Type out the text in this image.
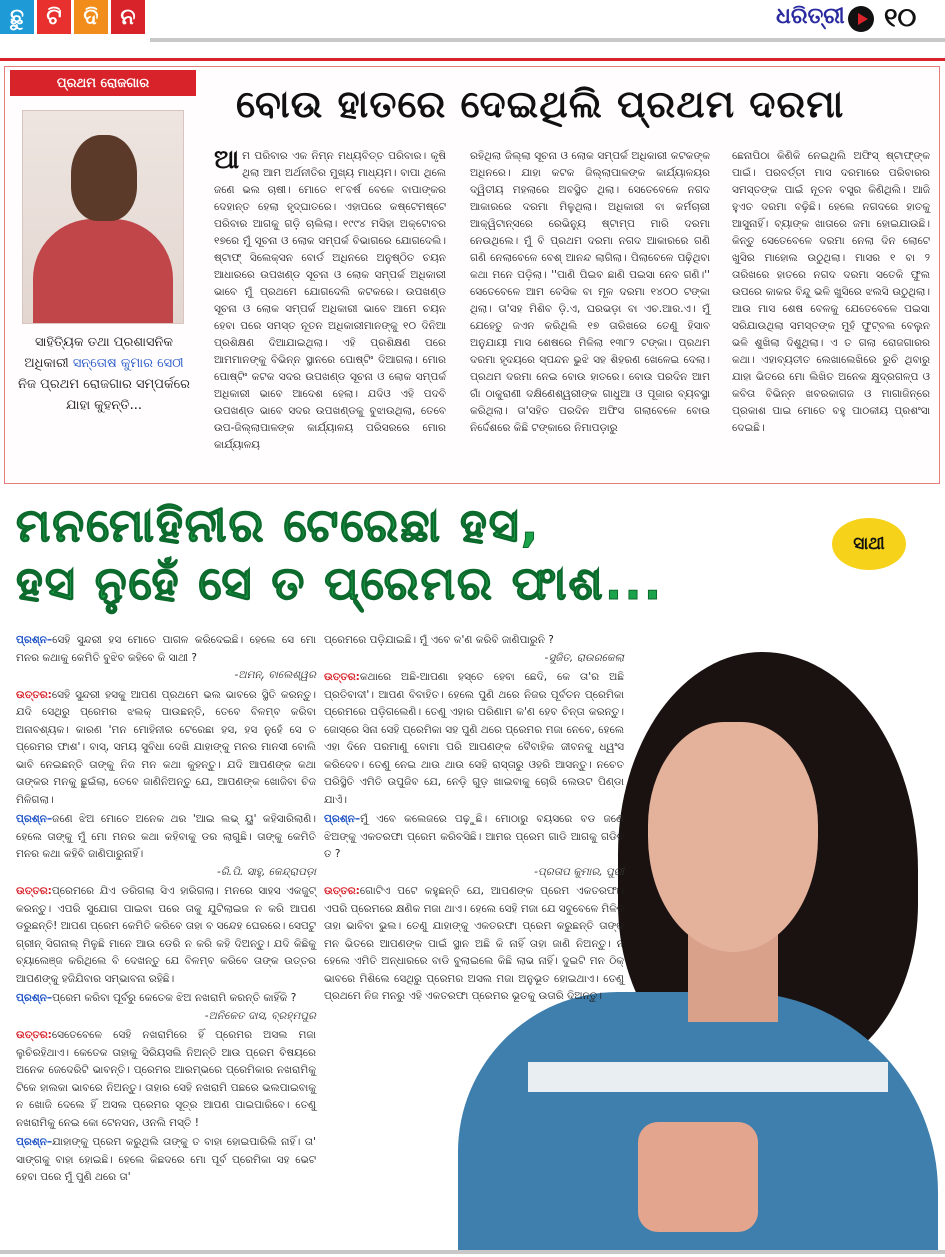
ଛୁ	ଟି ଦି ନ	ଧରିତ୍ରୀ ୧୦
ପ୍ରଥମ ରୋଜଗାର
ସାହିତ୍ୟିକ ତଥା ପ୍ରଶାସନିକ ଅଧିକାରୀ ସନ୍ତୋଷ କୁମାର ସେଠୀ ନିଜ ପ୍ରଥମ ରୋଜଗାର ସମ୍ପର୍କରେ ଯାହା କୁହନ୍ତି...
ବୋଉ ହାତରେ ଦେଇଥିଲି ପ୍ରଥମ ଦରମା
ଆମ ପରିବାର ଏକ ନିମ୍ନ ମଧ୍ୟବିତ୍ତ ପରିବାର। କୃଷି ଥିଲା ଆମ ଅର୍ଥନୀତିର ମୁଖ୍ୟ ମାଧ୍ୟମ। ବାପା ଥିଲେ ଜଣେ ଭଲ ଚାଷୀ। ମୋତେ ୧୮ବର୍ଷ ବେଳେ ବାପାଙ୍କର ଦେହାନ୍ତ ହେଲା ହୃଦ୍‌ଘାତରେ। ଏହାପରେ କଷ୍ଟେମଷ୍ଟେ ପରିବାର ଆଗକୁ ଗଡ଼ି ଚାଲିଲା। ୧୯୯୪ ମସିହା ଅକ୍ଟୋବର ୧୭ରେ ମୁଁ ସୂଚନା ଓ ଲୋକ ସମ୍ପର୍କ ବିଭାଗରେ ଯୋଗଦେଲି। ଷ୍ଟାଫ୍ ସିଲେକ୍ସନ ବୋର୍ଡ ଅଧିନରେ ଅନୁଷ୍ଠିତ ଚୟନ ଆଧାରରେ ଉପଖଣ୍ଡ ସୂଚନା ଓ ଲୋକ ସମ୍ପର୍କ ଅଧିକାରୀ ଭାବେ ମୁଁ ପ୍ରଥମେ ଯୋଗଦେଲି କଟକରେ। ଉପଖଣ୍ଡ ସୂଚନା ଓ ଲୋକ ସମ୍ପର୍କ ଅଧିକାରୀ ଭାବେ ଆମେ ଚୟନ ହେବା ପରେ ସମସ୍ତ ନୂତନ ଅଧିକାରୀମାନଙ୍କୁ ୧୦ ଦିନିଆ ପ୍ରଶିକ୍ଷଣ ଦିଆଯାଇଥିଲା। ଏହି ପ୍ରଶିକ୍ଷଣ ପରେ ଆମମାନଙ୍କୁ ବିଭିନ୍ନ ସ୍ଥାନରେ ପୋଷ୍ଟିଂ ଦିଆଗଲା। ମୋର ପୋଷ୍ଟିଂ କଟକ ସଦର ଉପଖଣ୍ଡ ସୂଚନା ଓ ଲୋକ ସମ୍ପର୍କ ଅଧିକାରୀ ଭାବେ ଆଦେଶ ହେଲା। ଯଦିଓ ଏହି ପଦବି ଉପଖଣ୍ଡ ଭାବେ ସଦର ଉପଖଣ୍ଡକୁ ବୁଝାଉଥିଲା, ତେବେ ଉପ-ଜିଲ୍ଲାପାଳଙ୍କ କାର୍ଯ୍ୟାଳୟ ପରିସରରେ ମୋର କାର୍ଯ୍ୟାଳୟ
ରହିଥିଲା ଜିଲ୍ଲା ସୂଚନା ଓ ଲୋକ ସମ୍ପର୍କ ଅଧିକାରୀ କଟକଙ୍କ ଅଧିନରେ। ଯାହା କଟକ ଜିଲ୍ଲାପାଳଙ୍କ କାର୍ଯ୍ୟାଳୟର ଦ୍ୱିତୀୟ ମହଲାରେ ଅବସ୍ଥିତ ଥିଲା। ସେତେବେଳେ ନଗଦ ଆକାରରେ ଦରମା ମିଳୁଥିଲା। ଅଧିକାରୀ ବା କର୍ମଚାରୀ ଆକ୍ୱିଟାନ୍ସରେ ରେଭିନ୍ୟୁ ଷ୍ଟାମ୍ପ ମାରି ଦରମା ନେଉଥିଲେ। ମୁଁ ବି ପ୍ରଥମ ଦରମା ନଗଦ ଆକାରରେ ଗଣି ଗଣି ନେଲାବେଳେ ବେଶ୍ ଆନନ୍ଦ ଲାଗିଲା। ପିଲାବେଳେ ପଢ଼ିଥିବା କଥା ମନେ ପଡ଼ିଲା। ''ପାଣି ପିଇବ ଛାଣି ପଇସା ନେବ ଗଣି।'' ସେତେବେଳେ ଆମ ବେସିକ ବା ମୂଳ ଦରମା ୧୪୦୦ ଟଙ୍କା ଥିଲା। ତା'ସହ ମିଶିବ ଡ଼ି.ଏ, ଘରଭଡ଼ା ବା ଏଚ.ଆର.ଏ। ମୁଁ ଯେହେତୁ ଜଏନ କରିଥିଲି ୧୭ ତାରିଖରେ ତେଣୁ ହିସାବ ଅନୁଯାୟୀ ମାସ ଶେଷରେ ମିଳିଲା ୧୩୮୨ ଟଙ୍କା। ପ୍ରଥମ ଦରମା ହୃଦୟରେ ସ୍ପନ୍ଦନ ଭୁଝି ସହ ଶିହରଣ ଖେଳେଇ ଦେଲା। ପ୍ରଥମ ଦରମା ନେଇ ବୋଉ ହାତରେ। ବୋଉ ପରଦିନ ଆମ ଗାଁ ଠାକୁରାଣୀ ଦକ୍ଷିଣେଶ୍ୱରୀଙ୍କ ଗାଧୁଆ ଓ ପୂଜାର ବ୍ୟବସ୍ଥା କରିଥିଲା। ତା'ସହିତ ପରଦିନ ଅଫିସ ଗଲାବେଳେ ବୋଉ ନିର୍ଦ୍ଦେଶରେ କିଛି ଟଙ୍କାରେ ନିମାପଡ଼ାରୁ
ଛେନାପିଠା କିଣିକି ନେଇଥିଲି ଅଫିସ୍ ଷ୍ଟାଫ୍‌ଙ୍କ ପାଇଁ। ପରବର୍ତ୍ତୀ ମାସ ଦରମାରେ ପରିବାରର ସମସ୍ତଙ୍କ ପାଇଁ ନୂତନ ବସ୍ତ୍ର କିଣିଥିଲି। ଆଜି ହୁଏତ ଦରମା ବଢ଼ିଛି। ହେଲେ ନଗଦରେ ହାତକୁ ଆସୁନାହିଁ। ବ୍ୟାଙ୍କ ଖାତାରେ ଜମା ହୋଇଯାଉଛି। କିନ୍ତୁ ସେତେବେଳେ ଦରମା ନେଲା ଦିନ ଲୋଟେ ଖୁସିର ମାହୋଲ ଉଠୁଥିଲା। ମାସର ୧ ବା ୨ ତାରିଖରେ ହାତରେ ନଗଦ ଦରମା ସତେକି ଫୁଲ ଉପରେ କାକର ବିନ୍ଦୁ ଭଳି ଖୁସିରେ ଝଲସି ଉଠୁଥିଲା। ଆଉ ମାସ ଶେଷ ବେଳକୁ ଯେତେବେଳେ ପଇସା ସରିଯାଉଥିଲା ସମସ୍ତଙ୍କ ମୁହଁ ଫୁଟ୍‌ବଲ ବେଲୁନ ଭଳି ଶୁଖିଲା ଦିଶୁଥିଲା। ଏ ତ ଗଲା ରୋଜଗାରର କଥା। ଏହାବ୍ୟତୀତ ଲେଖାଲେଖିରେ ରୁଚି ଥିବାରୁ ଯାହା ଭିତରେ ମୋ ଲିଖିତ ଅନେକ କ୍ଷୁଦ୍ରଗଳ୍ପ ଓ କବିତା ବିଭିନ୍ନ ଖବରକାଗଜ ଓ ମାଗାଜିନ୍‌ରେ ପ୍ରକାଶ ପାଇ ମୋତେ ବହୁ ପାଠକୀୟ ପ୍ରଶଂସା ଦେଇଛି।
ମନମୋହିନୀର ଟେରେଛା ହସ,
ହସ ନୁହେଁ ସେ ତ ପ୍ରେମର ଫାଶ...
ସାଥୀ
ପ୍ରଶ୍ନ–ସେହି ସୁନ୍ଦରୀ ହସ ମୋତେ ପାଗଳ କରିଦେଇଛି। ହେଲେ ସେ ମୋ ମନର କଥାକୁ କେମିତି ବୁଝିବ କହିବେ କି ସାଥୀ ?
-ଅମନ୍, ବାଲେଶ୍ୱର
ଉତ୍ତର:ସେହି ସୁନ୍ଦରୀ ହସକୁ ଆପଣ ପ୍ରଥମେ ଭଲ ଭାବରେ ସ୍ଥିତି କରନ୍ତୁ। ଯଦି ସେଥିରୁ ପ୍ରେମର ଝଲକ୍ ପାଉଛନ୍ତି, ତେବେ ବିଳମ୍ବ କରିବା ଅନାବଶ୍ୟକ। କାରଣ 'ମନ ମୋହିନୀର ଟେରେଛା ହସ, ହସ ନୁହେଁ ସେ ତ ପ୍ରେମର ଫାଶ'। ବାସ୍, ସମୟ ସୁବିଧା ଦେଖି ଯାହାଙ୍କୁ ମନର ମାନସୀ ବୋଲି ଭାବି ନେଇଛନ୍ତି ତାଙ୍କୁ ନିଜ ମନ କଥା କୁହନ୍ତୁ। ଯଦି ଆପଣଙ୍କ କଥା ତାଙ୍କର ମନକୁ ଛୁଇଁଲା, ତେବେ ଜାଣିନିଅନ୍ତୁ ଯେ, ଆପଣଙ୍କ ଖୋଜିବା ଚିଜ ମିଳିଗଲା।
ପ୍ରଶ୍ନ–ଜଣେ ଝିଅ ମୋତେ ଅନେକ ଥର 'ଆଇ ଲଭ୍ ୟୁ' କହିସାରିଲାଣି। ହେଲେ ତାଙ୍କୁ ମୁଁ ମୋ ମନର କଥା କହିବାକୁ ଡର ଲାଗୁଛି। ତାଙ୍କୁ କେମିତି ମନର କଥା କହିବି ଜାଣିପାରୁନାହିଁ।
-ରି.ପି. ସାହୁ, କେନ୍ଦ୍ରାପଡ଼ା
ଉତ୍ତର:ପ୍ରେମରେ ଯିଏ ଡରିଗଲା ସିଏ ହାରିଗଲା। ମନରେ ସାହସ ଏକଜୁଟ୍ କରନ୍ତୁ। ଏପରି ସୁଯୋଗ ପାଇବା ପରେ ତାକୁ ଯୁଟିଲାଇଜ ନ କରି ଆପଣ ଡରୁଛନ୍ତି! ଆପଣ ପ୍ରେମ କେମିତି କରିବେ ତାହା ବ ସନ୍ଦେହ ଘେରରେ। ସେପଟୁ ଗ୍ରୀନ୍ ସିଗନାଲ୍ ମିଳୁଛି ମାନେ ଆଉ ଡେରି ନ କରି କହି ଦିଅନ୍ତୁ। ଯଦି କିଛିକୁ ଚ୍ୟାଲେଞ୍ଜ କରିଥିଲେ ବି ଦେଖନ୍ତୁ ଯେ ବିଳମ୍ବ କରିବେ ତାଙ୍କ ଉତ୍ତର ଆପଣଙ୍କୁ ହଜିଯିବାର ସମ୍ଭାବନା ରହିଛି।
ପ୍ରଶ୍ନ–ପ୍ରେମ କରିବା ପୂର୍ବରୁ କେତେକ ଝିଅ ନଖରାମି କରନ୍ତି କାହିଁକି ?
-ଅନିକେତ ଦାସ, ବ୍ରହ୍ମପୁର
ଉତ୍ତର:ସେତେବେଳେ ସେହି ନଖରାମିରେ ହିଁ ପ୍ରେମର ଅସଲ ମଜା ଲୁଚିରହିଥାଏ। କେତେକ ତାହାକୁ ସିରିୟସଲି ନିଅନ୍ତି ଆଉ ପ୍ରେମ ବିଷୟରେ ଅନେକ ଜେଦେରିଟି ଭାବନ୍ତି। ପ୍ରେମର ଆରମ୍ଭରେ ପ୍ରେମିକାର ନଖରାମିକୁ ଟିକେ ହାଲକା ଭାବରେ ନିଅନ୍ତୁ। ତାହାର ସେହି ନଖରାମି ପଛରେ ଭଲପାଇବାକୁ ନ ଖୋଜି ଦେଲେ ହିଁ ଅସଲ ପ୍ରେମର ସୂତ୍ର ଆପଣ ପାଇପାରିବେ। ତେଣୁ ନଖରାମିକୁ ନେଇ କୋ ଟେନସନ, ଓନଲି ମସ୍ତି !
ପ୍ରଶ୍ନ–ଯାହାଙ୍କୁ ପ୍ରେମ କରୁଥିଲି ତାଙ୍କୁ ତ ବାହା ହୋଇପାରିଲି ନାହିଁ। ତା' ସାଙ୍ଗକୁ ବାହା ହୋଇଛି। ହେଲେ କିଛଦରେ ମୋ ପୂର୍ବ ପ୍ରେମିକା ସହ ଭେଟ ହେବା ପରେ ମୁଁ ପୁଣି ଥରେ ତା'
ପ୍ରେମରେ ପଡ଼ିଯାଇଛି। ମୁଁ ଏବେ କ'ଣ କରିବି ଜାଣିପାରୁନି ?
-ସୁଜିତ, ରାଉରକେଲା
ଉତ୍ତର:କଥାରେ ଅଛି-ଆପଣା ହସ୍ତେ ହେବା ଛେଦି, କେ ତା'ର ଅଛି ପ୍ରତିବାଦୀ'। ଆପଣ ବିବାହିତ। ହେଲେ ପୁଣି ଥରେ ନିଜର ପୂର୍ବତନ ପ୍ରେମିକା ପ୍ରେମରେ ପଡ଼ିଗଲେଣି। ତେଣୁ ଏହାର ପରିଣାମ କ'ଣ ହେବ ଚିନ୍ତା କରନ୍ତୁ। ଜୋସ୍‌ରେ ସିନା ସେହି ପ୍ରେମିକା ସହ ପୁଣି ଥରେ ପ୍ରେମର ମଜା ନେବେ, ହେଲେ ଏହା ଦିନେ ପରମାଣୁ ବୋମା ପରି ଆପଣଙ୍କ ବୈବାହିକ ଜୀବନକୁ ଧ୍ୱଂସ କରିଦେବ। ତେଣୁ ନେଇ ଥାଉ ଥାଉ ସେହି ରାସ୍ତାରୁ ଓହରି ଆସନ୍ତୁ। ନଚେତ ପରିସ୍ଥିତି ଏମିତି ଉପୁଜିବ ଯେ, ନେଡ଼ି ଗୁଡ଼ ଖାଇବାକୁ ଚୋରି ଲେଉଟ ପିଣ୍ଡା ଯାଏଁ।
ପ୍ରଶ୍ନ–ମୁଁ ଏବେ କଲେଜରେ ପଢ଼ୁଛି। ମୋଠାରୁ ବୟସରେ ବଡ ଜଣେ ଝିଅଙ୍କୁ ଏକତରଫା ପ୍ରେମ କରିବସିଛି। ଆମର ପ୍ରେମ ଗାଡି ଆଗକୁ ଗଡିବ ତ ?
-ପ୍ରତାପ କୁମାର, ପୁରୀ
ଉତ୍ତର:ଗୋଟିଏ ପଟେ କହୁଛନ୍ତି ଯେ, ଆପଣଙ୍କ ପ୍ରେମ ଏକତରଫା। ଏପରି ପ୍ରେମରେ କ୍ଷଣିକ ମଜା ଥାଏ। ହେଲେ ସେହି ମଜା ଯେ ସବୁବେଳେ ମିଳିବ ତାହା ଭାବିବା ଭୁଲ। ତେଣୁ ଯାହାଙ୍କୁ ଏକତରଫା ପ୍ରେମ କରୁଛନ୍ତି ତାଙ୍କ ମନ ଭିତରେ ଆପଣଙ୍କ ପାଇଁ ସ୍ଥାନ ଅଛି କି ନାହିଁ ତାହା ଜାଣି ନିଅନ୍ତୁ। ନ ହେଲେ ଏମିତି ଅନ୍ଧାରରେ ବାଡି ବୁଲାଇଲେ କିଛି ଲାଭ ନାହିଁ। ଦୁଇଟି ମନ ଠିକ୍ ଭାବରେ ମିଶିଲେ ସେଥିରୁ ପ୍ରେମର ଅସଲ ମଜା ଅନୁଭୂତ ହୋଇଥାଏ। ତେଣୁ ପ୍ରଥମେ ନିଜ ମନରୁ ଏହି ଏକତରଫା ପ୍ରେମର ଭୂତକୁ ଉତାରି ଦିଅନ୍ତୁ।
